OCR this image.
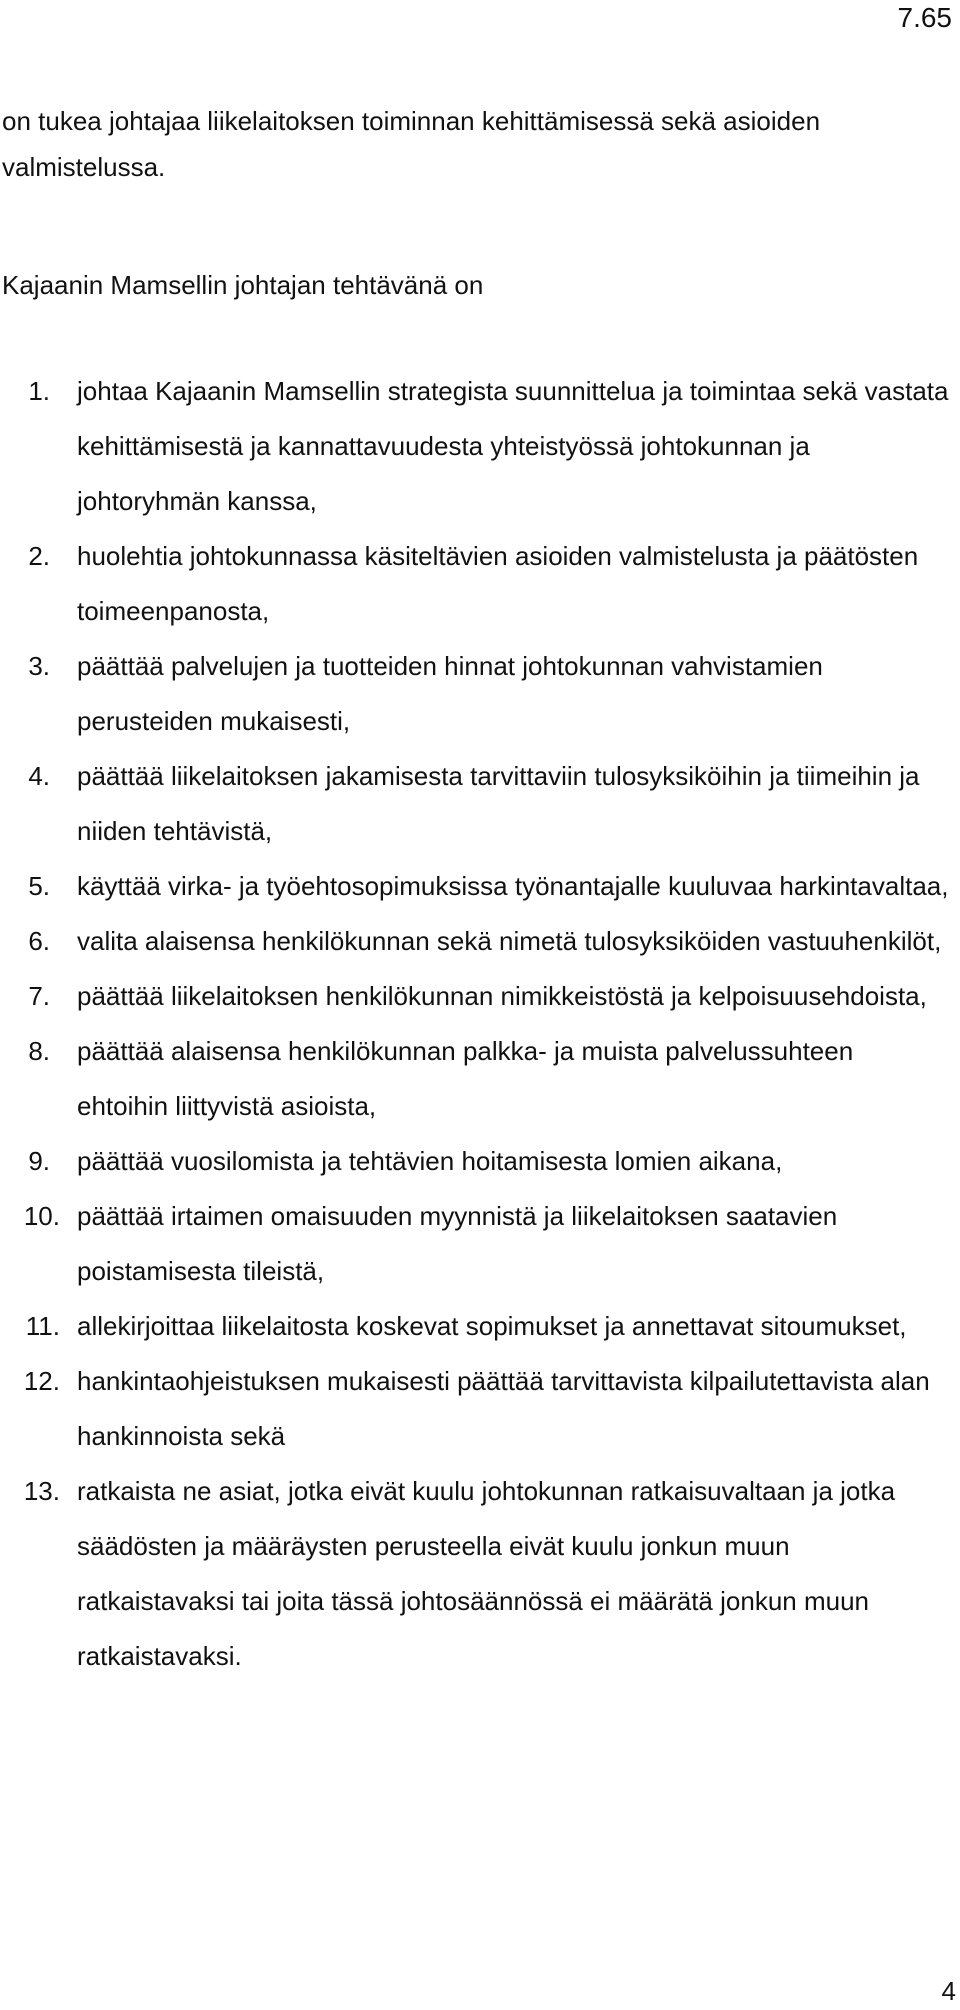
7.65

on tukea johtajaa liikelaitoksen toiminnan kehittämisessä sekä asioiden valmistelussa.

Kajaanin Mamsellin johtajan tehtävänä on

1. johtaa Kajaanin Mamsellin strategista suunnittelua ja toimintaa sekä vastata kehittämisestä ja kannattavuudesta yhteistyössä johtokunnan ja johtoryhmän kanssa,
2. huolehtia johtokunnassa käsiteltävien asioiden valmistelusta ja päätösten toimeenpanosta,
3. päättää palvelujen ja tuotteiden hinnat johtokunnan vahvistamien perusteiden mukaisesti,
4. päättää liikelaitoksen jakamisesta tarvittaviin tulosyksiköihin ja tiimeihin ja niiden tehtävistä,
5. käyttää virka- ja työehtosopimuksissa työnantajalle kuuluvaa harkintavaltaa,
6. valita alaisensa henkilökunnan sekä nimetä tulosyksiköiden vastuuhenkilöt,
7. päättää liikelaitoksen henkilökunnan nimikkeistöstä ja kelpoisuusehdoista,
8. päättää alaisensa henkilökunnan palkka- ja muista palvelussuhteen ehtoihin liittyvistä asioista,
9. päättää vuosilomista ja tehtävien hoitamisesta lomien aikana,
10. päättää irtaimen omaisuuden myynnistä ja liikelaitoksen saatavien poistamisesta tileistä,
11. allekirjoittaa liikelaitosta koskevat sopimukset ja annettavat sitoumukset,
12. hankintaohjeistuksen mukaisesti päättää tarvittavista kilpailutettavista alan hankinnoista sekä
13. ratkaista ne asiat, jotka eivät kuulu johtokunnan ratkaisuvaltaan ja jotka säädösten ja määräysten perusteella eivät kuulu jonkun muun ratkaistavaksi tai joita tässä johtosäännössä ei määrätä jonkun muun ratkaistavaksi.
4
